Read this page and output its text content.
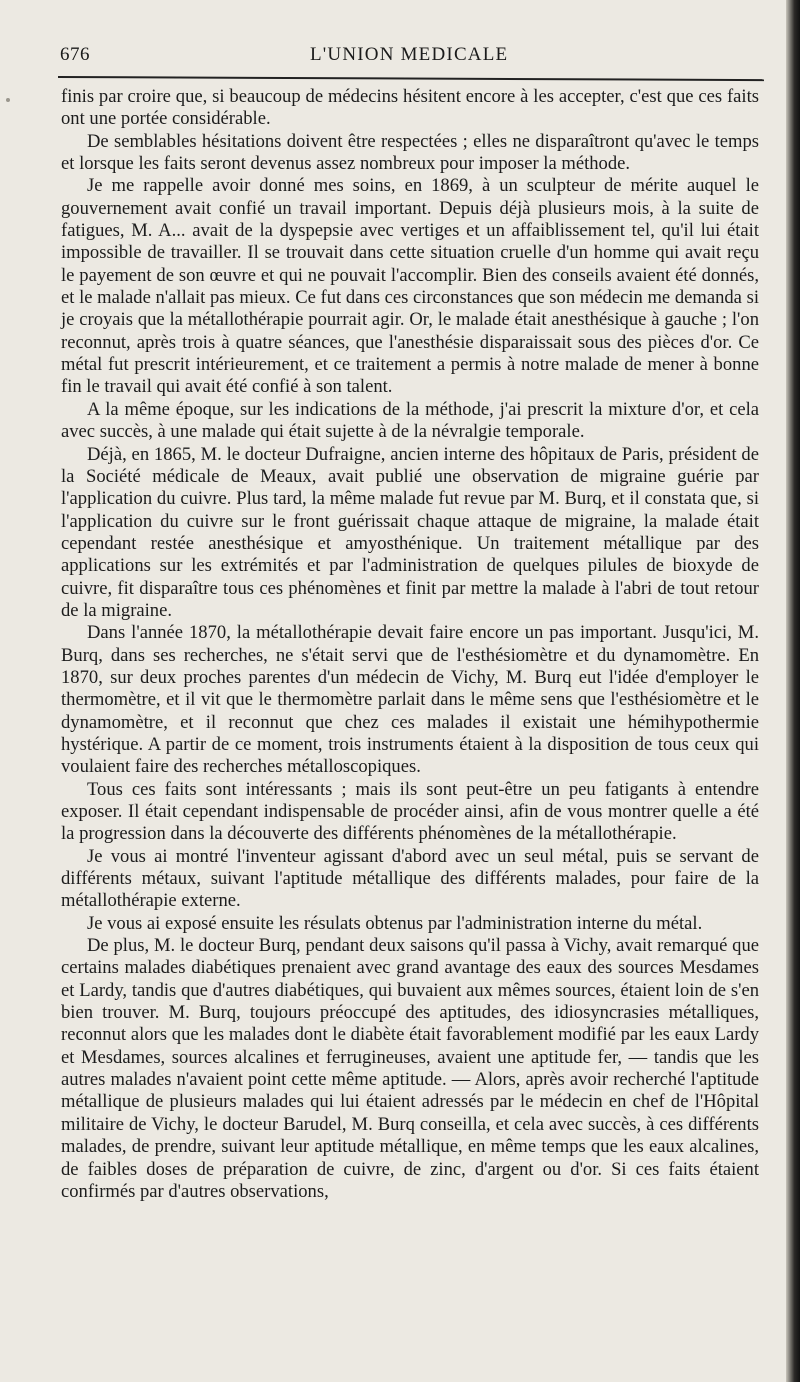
676	L'UNION MEDICALE

finis par croire que, si beaucoup de médecins hésitent encore à les accepter, c'est que ces faits ont une portée considérable.

De semblables hésitations doivent être respectées ; elles ne disparaîtront qu'avec le temps et lorsque les faits seront devenus assez nombreux pour imposer la méthode.

Je me rappelle avoir donné mes soins, en 1869, à un sculpteur de mérite auquel le gouvernement avait confié un travail important. Depuis déjà plusieurs mois, à la suite de fatigues, M. A... avait de la dyspepsie avec vertiges et un affaiblissement tel, qu'il lui était impossible de travailler. Il se trouvait dans cette situation cruelle d'un homme qui avait reçu le payement de son œuvre et qui ne pouvait l'accomplir. Bien des conseils avaient été donnés, et le malade n'allait pas mieux. Ce fut dans ces circonstances que son médecin me demanda si je croyais que la métallothérapie pourrait agir. Or, le malade était anesthésique à gauche ; l'on reconnut, après trois à quatre séances, que l'anesthésie disparaissait sous des pièces d'or. Ce métal fut prescrit intérieurement, et ce traitement a permis à notre malade de mener à bonne fin le travail qui avait été confié à son talent.

A la même époque, sur les indications de la méthode, j'ai prescrit la mixture d'or, et cela avec succès, à une malade qui était sujette à de la névralgie temporale.

Déjà, en 1865, M. le docteur Dufraigne, ancien interne des hôpitaux de Paris, président de la Société médicale de Meaux, avait publié une observation de migraine guérie par l'application du cuivre. Plus tard, la même malade fut revue par M. Burq, et il constata que, si l'application du cuivre sur le front guérissait chaque attaque de migraine, la malade était cependant restée anesthésique et amyosthénique. Un traitement métallique par des applications sur les extrémités et par l'administration de quelques pilules de bioxyde de cuivre, fit disparaître tous ces phénomènes et finit par mettre la malade à l'abri de tout retour de la migraine.

Dans l'année 1870, la métallothérapie devait faire encore un pas important. Jusqu'ici, M. Burq, dans ses recherches, ne s'était servi que de l'esthésiomètre et du dynamomètre. En 1870, sur deux proches parentes d'un médecin de Vichy, M. Burq eut l'idée d'employer le thermomètre, et il vit que le thermomètre parlait dans le même sens que l'esthésiomètre et le dynamomètre, et il reconnut que chez ces malades il existait une hémihypothermie hystérique. A partir de ce moment, trois instruments étaient à la disposition de tous ceux qui voulaient faire des recherches métalloscopiques.

Tous ces faits sont intéressants ; mais ils sont peut-être un peu fatigants à entendre exposer. Il était cependant indispensable de procéder ainsi, afin de vous montrer quelle a été la progression dans la découverte des différents phénomènes de la métallothérapie.

Je vous ai montré l'inventeur agissant d'abord avec un seul métal, puis se servant de différents métaux, suivant l'aptitude métallique des différents malades, pour faire de la métallothérapie externe.

Je vous ai exposé ensuite les résulats obtenus par l'administration interne du métal.

De plus, M. le docteur Burq, pendant deux saisons qu'il passa à Vichy, avait remarqué que certains malades diabétiques prenaient avec grand avantage des eaux des sources Mesdames et Lardy, tandis que d'autres diabétiques, qui buvaient aux mêmes sources, étaient loin de s'en bien trouver. M. Burq, toujours préoccupé des aptitudes, des idiosyncrasies métalliques, reconnut alors que les malades dont le diabète était favorablement modifié par les eaux Lardy et Mesdames, sources alcalines et ferrugineuses, avaient une aptitude fer, — tandis que les autres malades n'avaient point cette même aptitude. — Alors, après avoir recherché l'aptitude métallique de plusieurs malades qui lui étaient adressés par le médecin en chef de l'Hôpital militaire de Vichy, le docteur Barudel, M. Burq conseilla, et cela avec succès, à ces différents malades, de prendre, suivant leur aptitude métallique, en même temps que les eaux alcalines, de faibles doses de préparation de cuivre, de zinc, d'argent ou d'or. Si ces faits étaient confirmés par d'autres observations,
